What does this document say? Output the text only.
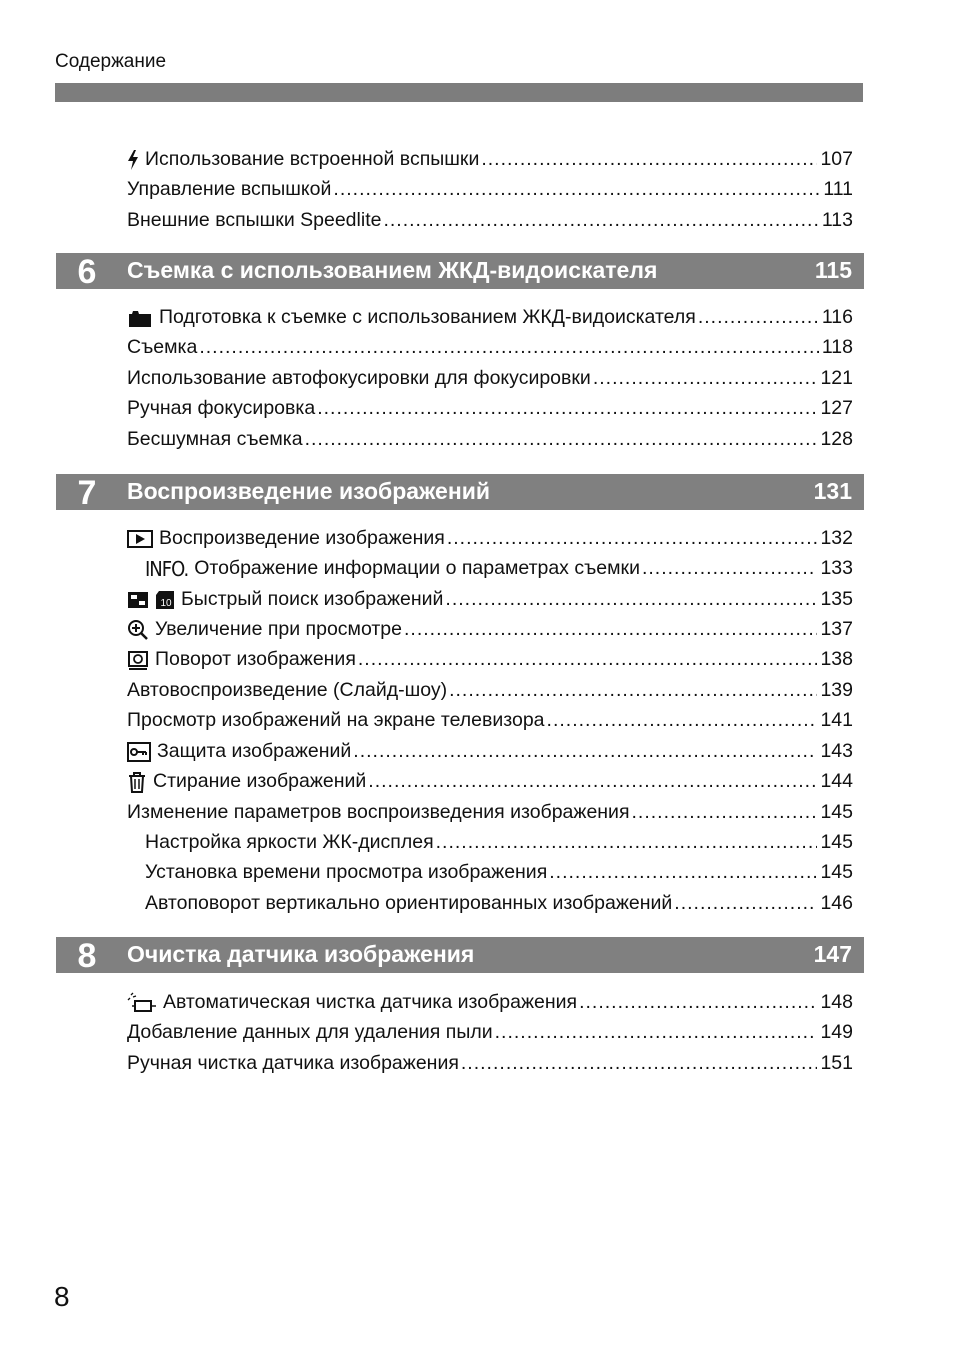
Содержание
Использование встроенной вспышки .....	107
Управление вспышкой .....	111
Внешние вспышки Speedlite .....	113
6	Съемка с использованием ЖКД-видоискателя	115
Подготовка к съемке с использованием ЖКД-видоискателя .....	116
Съемка .....	118
Использование автофокусировки для фокусировки .....	121
Ручная фокусировка .....	127
Бесшумная съемка .....	128
7	Воспроизведение изображений	131
Воспроизведение изображения .....	132
INFO. Отображение информации о параметрах съемки .....	133
10 Быстрый поиск изображений .....	135
Увеличение при просмотре .....	137
Поворот изображения .....	138
Автовоспроизведение (Слайд-шоу) .....	139
Просмотр изображений на экране телевизора .....	141
Защита изображений .....	143
Стирание изображений .....	144
Изменение параметров воспроизведения изображения .....	145
Настройка яркости ЖК-дисплея .....	145
Установка времени просмотра изображения .....	145
Автоповорот вертикально ориентированных изображений .....	146
8	Очистка датчика изображения	147
Автоматическая чистка датчика изображения .....	148
Добавление данных для удаления пыли .....	149
Ручная чистка датчика изображения .....	151
8
